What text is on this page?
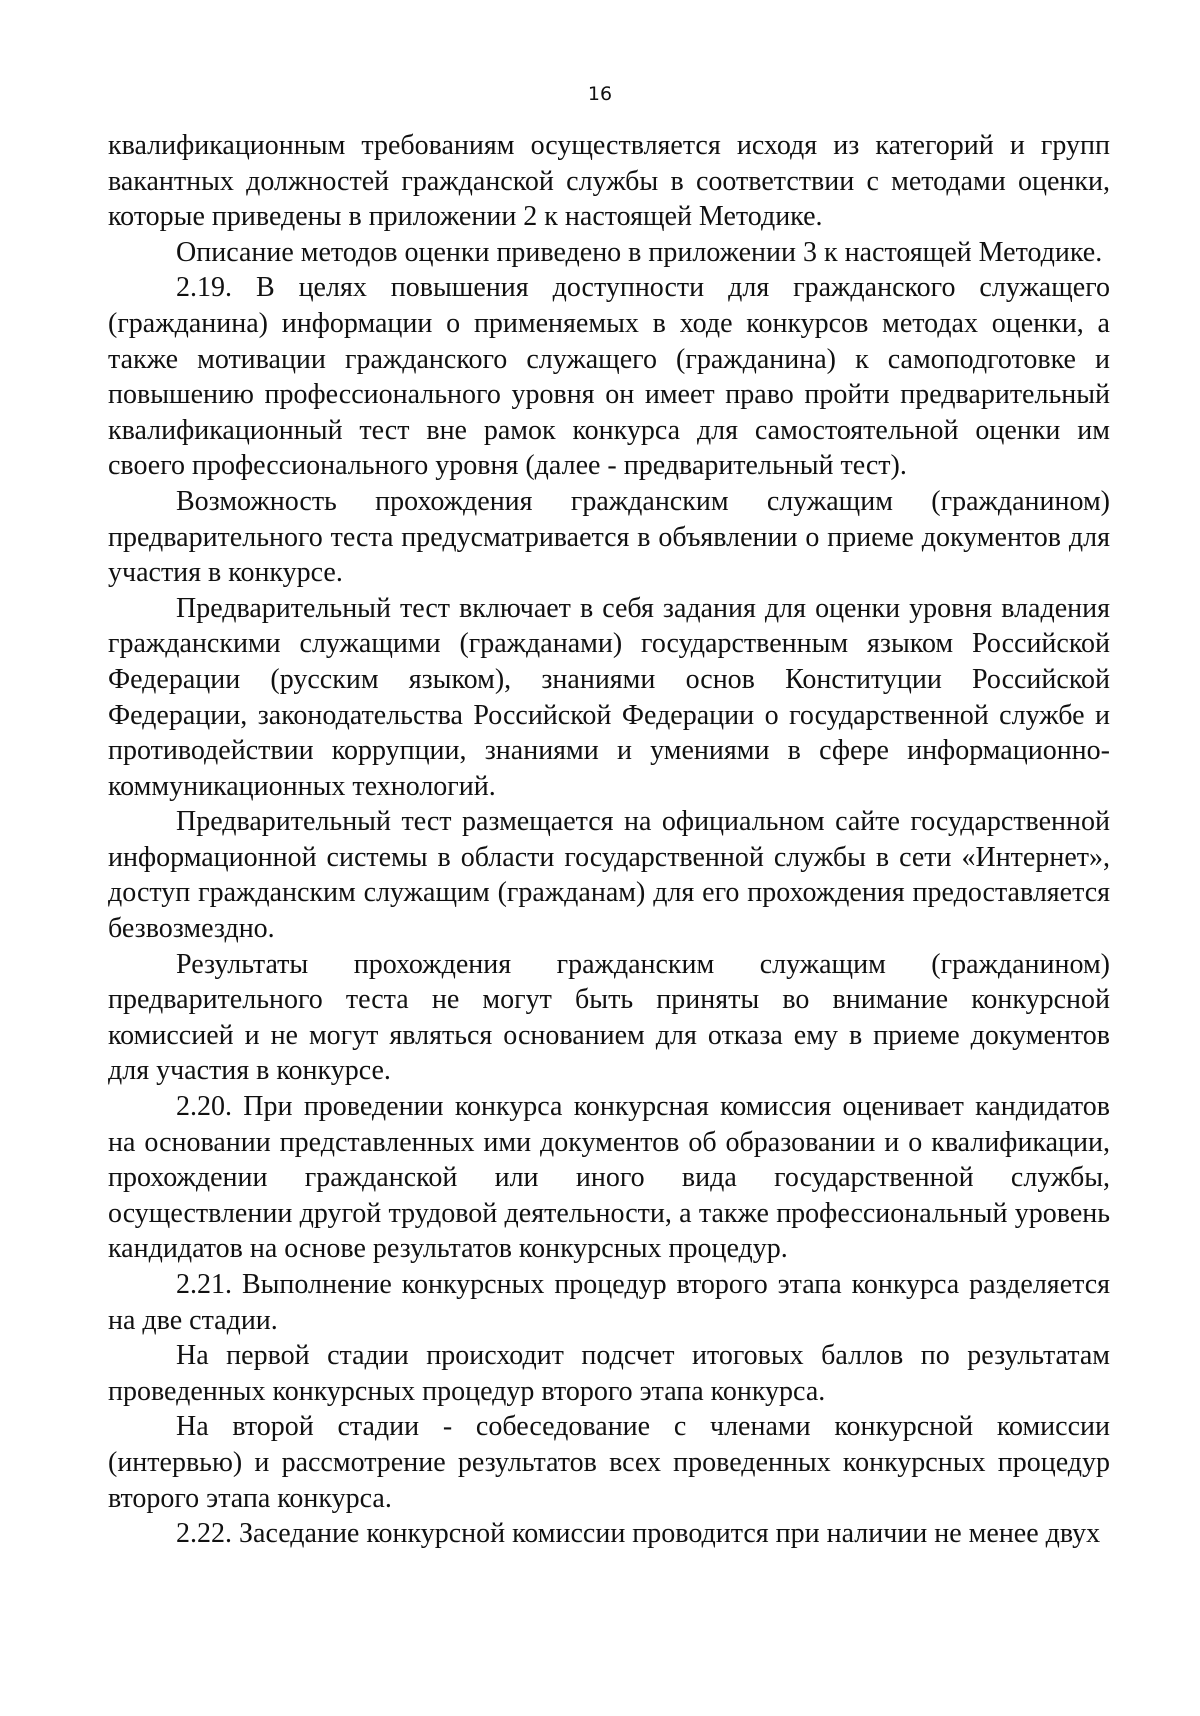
16

квалификационным требованиям осуществляется исходя из категорий и групп вакантных должностей гражданской службы в соответствии с методами оценки, которые приведены в приложении 2 к настоящей Методике.

Описание методов оценки приведено в приложении 3 к настоящей Методике.

2.19. В целях повышения доступности для гражданского служащего (гражданина) информации о применяемых в ходе конкурсов методах оценки, а также мотивации гражданского служащего (гражданина) к самоподготовке и повышению профессионального уровня он имеет право пройти предварительный квалификационный тест вне рамок конкурса для самостоятельной оценки им своего профессионального уровня (далее - предварительный тест).

Возможность прохождения гражданским служащим (гражданином) предварительного теста предусматривается в объявлении о приеме документов для участия в конкурсе.

Предварительный тест включает в себя задания для оценки уровня владения гражданскими служащими (гражданами) государственным языком Российской Федерации (русским языком), знаниями основ Конституции Российской Федерации, законодательства Российской Федерации о государственной службе и противодействии коррупции, знаниями и умениями в сфере информационно-коммуникационных технологий.

Предварительный тест размещается на официальном сайте государственной информационной системы в области государственной службы в сети «Интернет», доступ гражданским служащим (гражданам) для его прохождения предоставляется безвозмездно.

Результаты прохождения гражданским служащим (гражданином) предварительного теста не могут быть приняты во внимание конкурсной комиссией и не могут являться основанием для отказа ему в приеме документов для участия в конкурсе.

2.20. При проведении конкурса конкурсная комиссия оценивает кандидатов на основании представленных ими документов об образовании и о квалификации, прохождении гражданской или иного вида государственной службы, осуществлении другой трудовой деятельности, а также профессиональный уровень кандидатов на основе результатов конкурсных процедур.

2.21. Выполнение конкурсных процедур второго этапа конкурса разделяется на две стадии.

На первой стадии происходит подсчет итоговых баллов по результатам проведенных конкурсных процедур второго этапа конкурса.

На второй стадии - собеседование с членами конкурсной комиссии (интервью) и рассмотрение результатов всех проведенных конкурсных процедур второго этапа конкурса.

2.22. Заседание конкурсной комиссии проводится при наличии не менее двух
